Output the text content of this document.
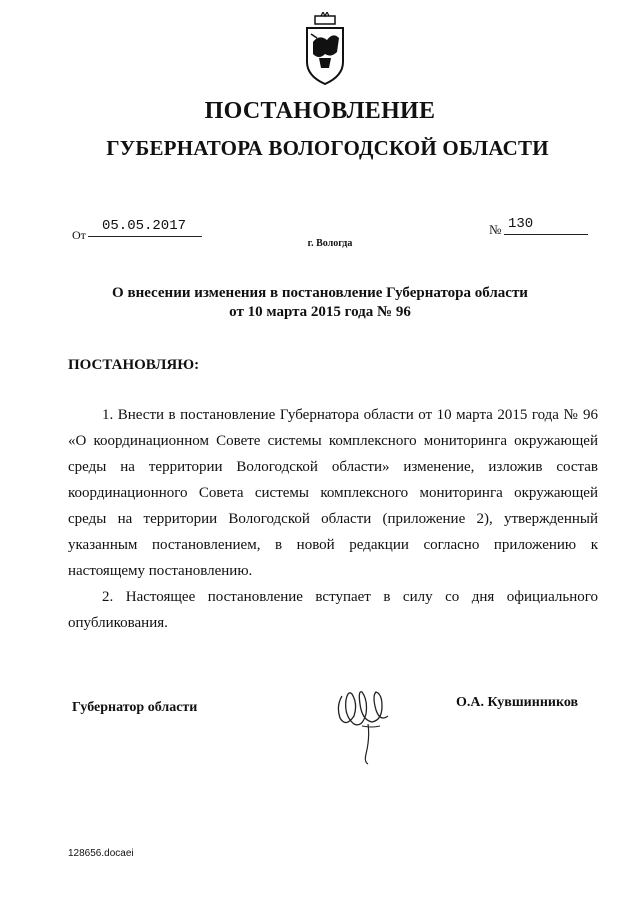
ПОСТАНОВЛЕНИЕ
ГУБЕРНАТОРА ВОЛОГОДСКОЙ ОБЛАСТИ
От
05.05.2017	№ 130
г. Вологда
О внесении изменения в постановление Губернатора области
от 10 марта 2015 года № 96
ПОСТАНОВЛЯЮ:

1. Внести в постановление Губернатора области от 10 марта 2015 года № 96 «О координационном Совете системы комплексного мониторинга окружающей среды на территории Вологодской области» изменение, изложив состав координационного Совета системы комплексного мониторинга окружающей среды на территории Вологодской области (приложение 2), утвержденный указанным постановлением, в новой редакции согласно приложению к настоящему постановлению.

2. Настоящее постановление вступает в силу со дня официального опубликования.

Губернатор области	О.А. Кувшинников
128656.docaei
